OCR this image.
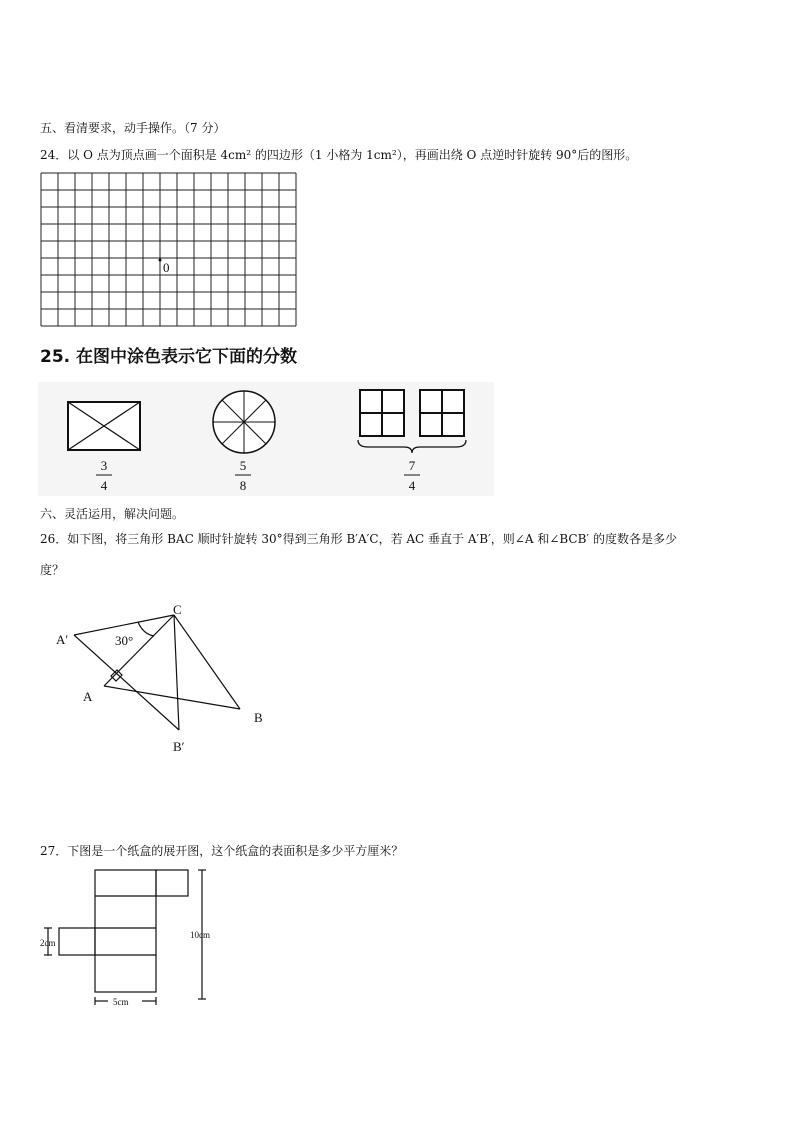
五、看清要求，动手操作。（7 分）
24．以 O 点为顶点画一个面积是 4cm² 的四边形（1 小格为 1cm²），再画出绕 O 点逆时针旋转 90°后的图形。
0
25. 在图中涂色表示它下面的分数
3
4
5
8
7
4
六、灵活运用，解决问题。
26．如下图，将三角形 BAC 顺时针旋转 30°得到三角形 B′A′C，若 AC 垂直于 A′B′，则∠A 和∠BCB′ 的度数各是多少
度？
C
A′
A
B
B′
30°
27．下图是一个纸盒的展开图，这个纸盒的表面积是多少平方厘米？
10cm
2cm
5cm
